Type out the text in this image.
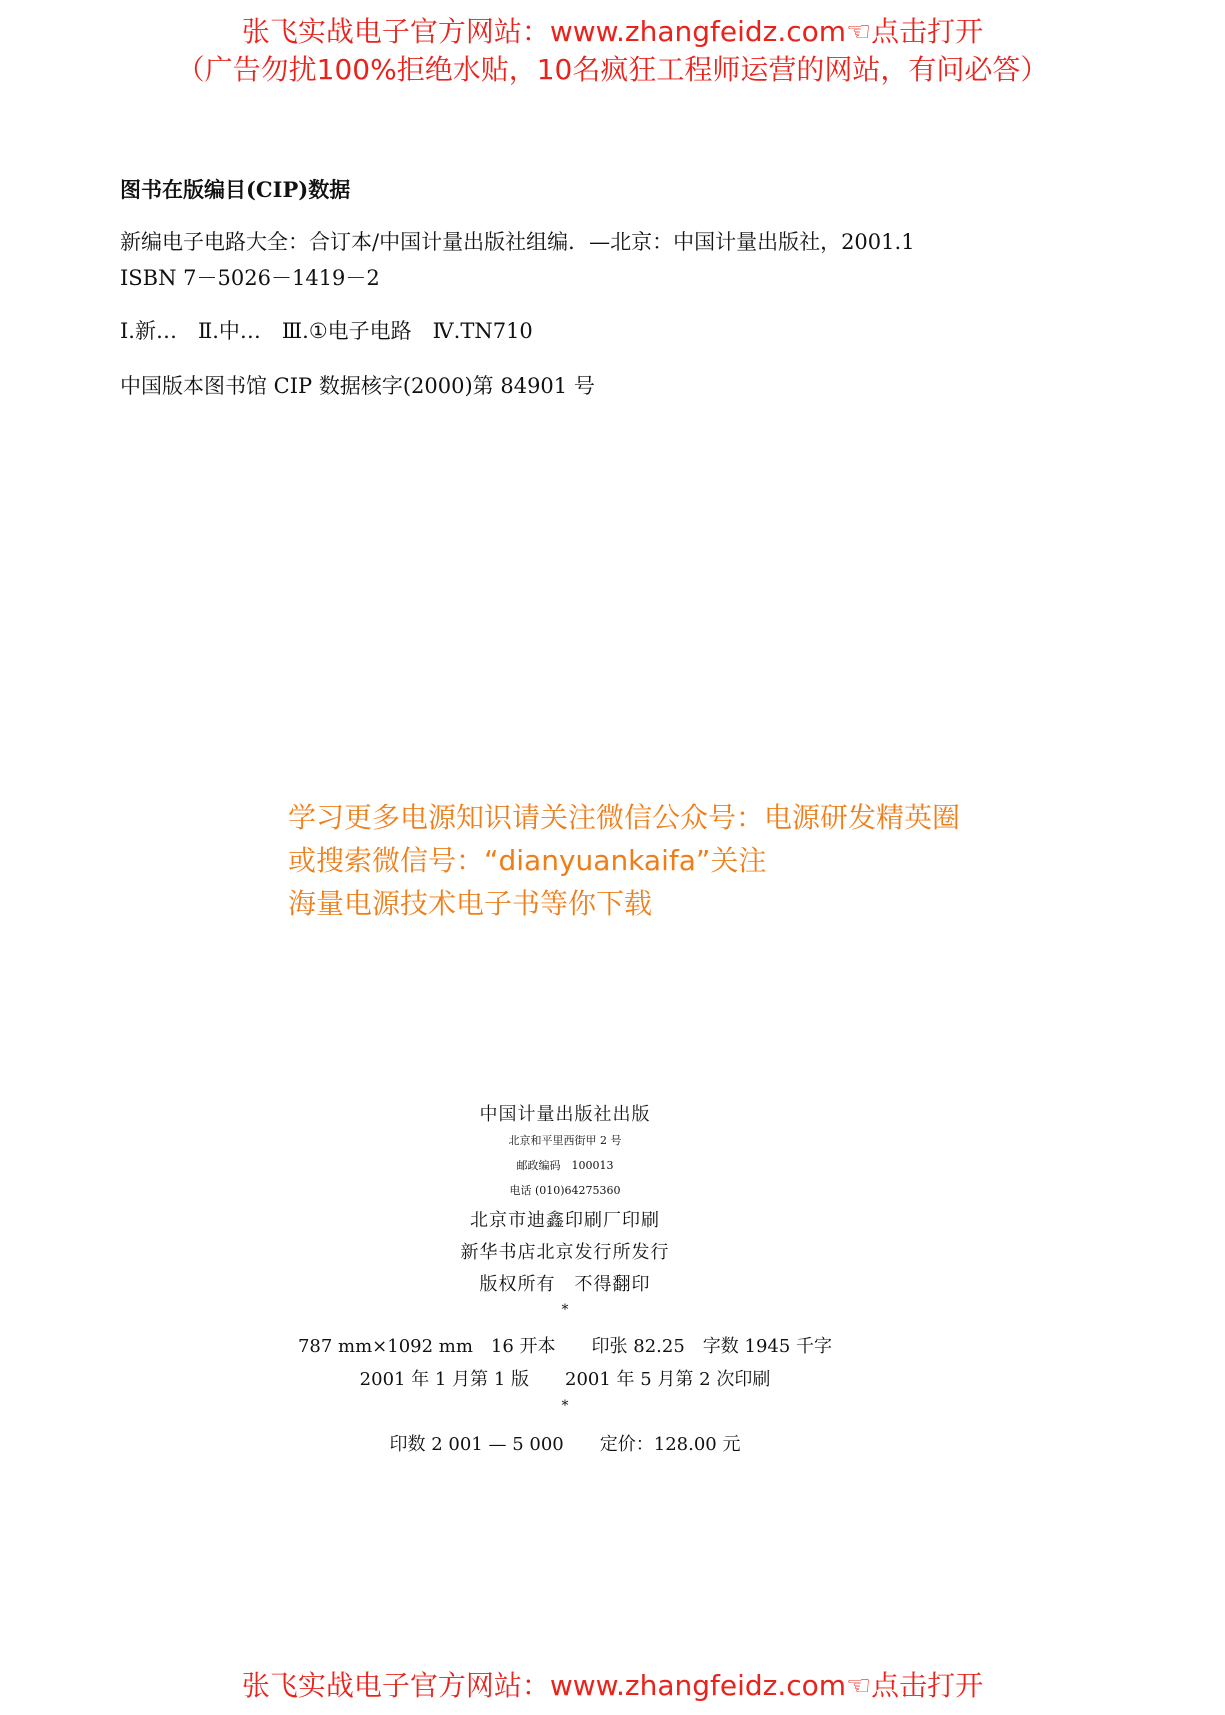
张飞实战电子官方网站：www.zhangfeidz.com☜点击打开
（广告勿扰100%拒绝水贴，10名疯狂工程师运营的网站，有问必答）
图书在版编目(CIP)数据
新编电子电路大全：合订本/中国计量出版社组编．—北京：中国计量出版社，2001.1
ISBN 7－5026－1419－2
Ⅰ.新…　Ⅱ.中…　Ⅲ.①电子电路　Ⅳ.TN710
中国版本图书馆 CIP 数据核字(2000)第 84901 号
学习更多电源知识请关注微信公众号：电源研发精英圈
或搜索微信号：“dianyuankaifa”关注
海量电源技术电子书等你下载
中国计量出版社出版
北京和平里西街甲 2 号
邮政编码　100013
电话 (010)64275360
北京市迪鑫印刷厂印刷
新华书店北京发行所发行
版权所有　不得翻印
*
787 mm×1092 mm　16 开本　　印张 82.25　字数 1945 千字
2001 年 1 月第 1 版　　2001 年 5 月第 2 次印刷
*
印数 2 001 — 5 000　　定价：128.00 元
张飞实战电子官方网站：www.zhangfeidz.com☜点击打开
